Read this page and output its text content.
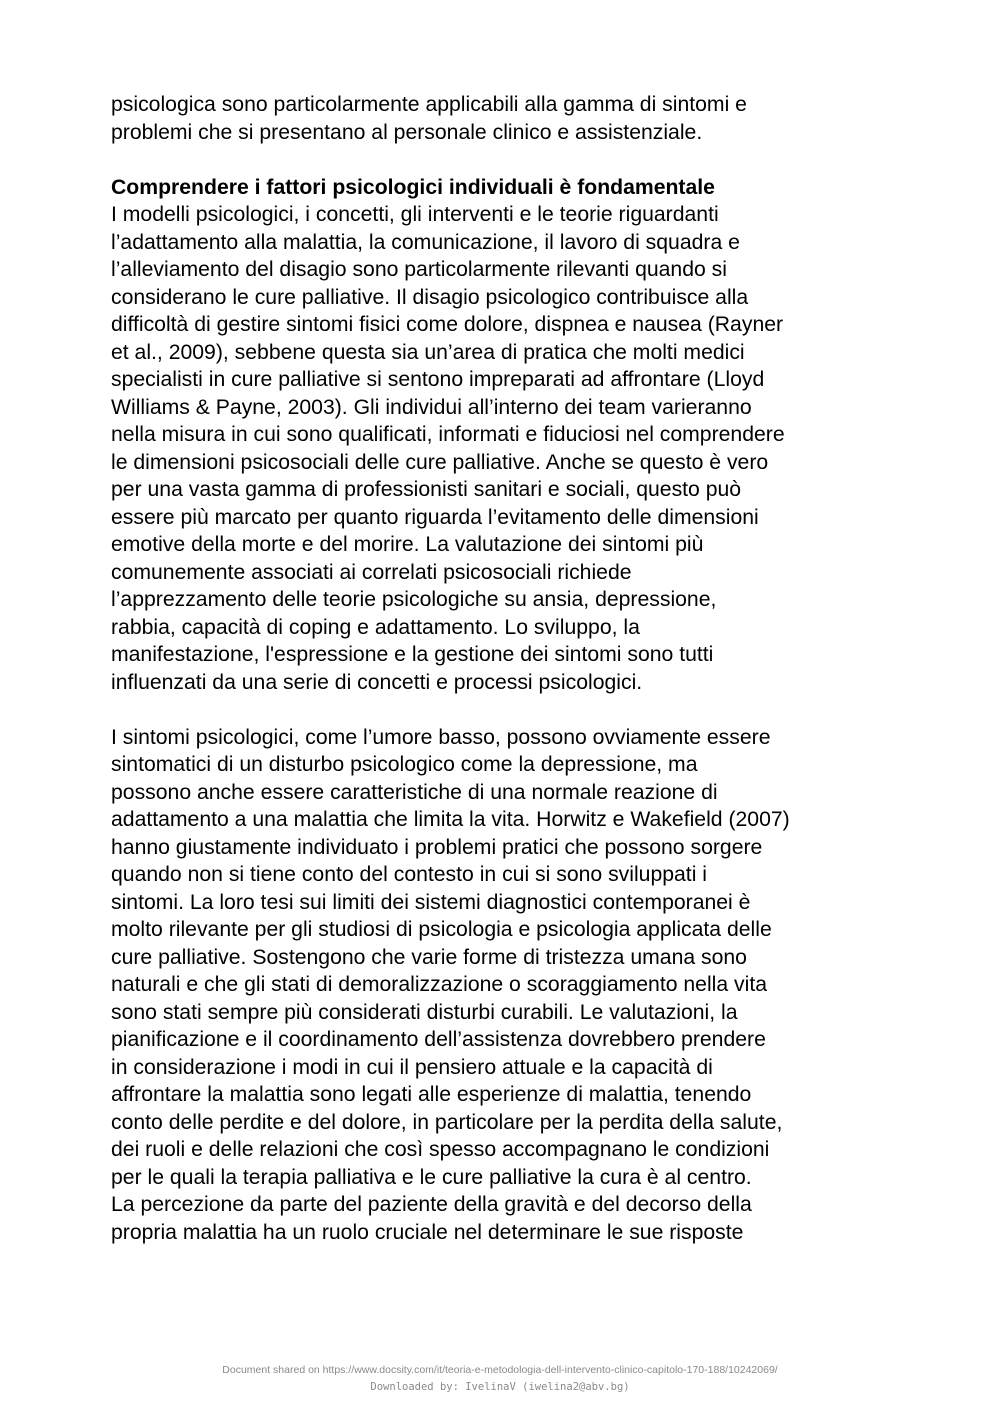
psicologica sono particolarmente applicabili alla gamma di sintomi e
problemi che si presentano al personale clinico e assistenziale.
Comprendere i fattori psicologici individuali è fondamentale
I modelli psicologici, i concetti, gli interventi e le teorie riguardanti
l’adattamento alla malattia, la comunicazione, il lavoro di squadra e
l’alleviamento del disagio sono particolarmente rilevanti quando si
considerano le cure palliative. Il disagio psicologico contribuisce alla
difficoltà di gestire sintomi fisici come dolore, dispnea e nausea (Rayner
et al., 2009), sebbene questa sia un’area di pratica che molti medici
specialisti in cure palliative si sentono impreparati ad affrontare (Lloyd
Williams & Payne, 2003). Gli individui all’interno dei team varieranno
nella misura in cui sono qualificati, informati e fiduciosi nel comprendere
le dimensioni psicosociali delle cure palliative. Anche se questo è vero
per una vasta gamma di professionisti sanitari e sociali, questo può
essere più marcato per quanto riguarda l’evitamento delle dimensioni
emotive della morte e del morire. La valutazione dei sintomi più
comunemente associati ai correlati psicosociali richiede
l’apprezzamento delle teorie psicologiche su ansia, depressione,
rabbia, capacità di coping e adattamento. Lo sviluppo, la
manifestazione, l'espressione e la gestione dei sintomi sono tutti
influenzati da una serie di concetti e processi psicologici.
I sintomi psicologici, come l’umore basso, possono ovviamente essere
sintomatici di un disturbo psicologico come la depressione, ma
possono anche essere caratteristiche di una normale reazione di
adattamento a una malattia che limita la vita. Horwitz e Wakefield (2007)
hanno giustamente individuato i problemi pratici che possono sorgere
quando non si tiene conto del contesto in cui si sono sviluppati i
sintomi. La loro tesi sui limiti dei sistemi diagnostici contemporanei è
molto rilevante per gli studiosi di psicologia e psicologia applicata delle
cure palliative. Sostengono che varie forme di tristezza umana sono
naturali e che gli stati di demoralizzazione o scoraggiamento nella vita
sono stati sempre più considerati disturbi curabili. Le valutazioni, la
pianificazione e il coordinamento dell’assistenza dovrebbero prendere
in considerazione i modi in cui il pensiero attuale e la capacità di
affrontare la malattia sono legati alle esperienze di malattia, tenendo
conto delle perdite e del dolore, in particolare per la perdita della salute,
dei ruoli e delle relazioni che così spesso accompagnano le condizioni
per le quali la terapia palliativa e le cure palliative la cura è al centro.
La percezione da parte del paziente della gravità e del decorso della
propria malattia ha un ruolo cruciale nel determinare le sue risposte
Document shared on https://www.docsity.com/it/teoria-e-metodologia-dell-intervento-clinico-capitolo-170-188/10242069/
Downloaded by: IvelinaV (iwelina2@abv.bg)
